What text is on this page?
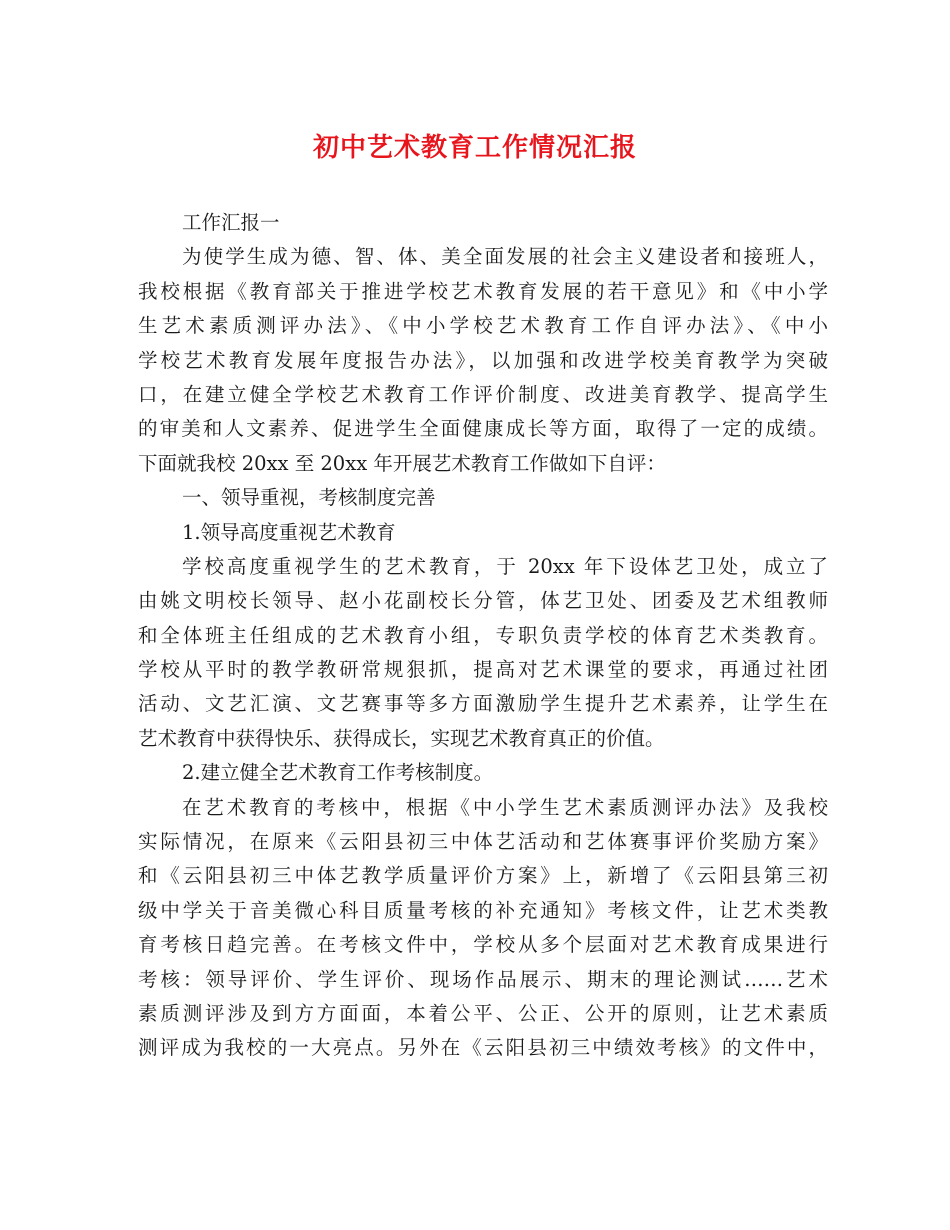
初中艺术教育工作情况汇报
工作汇报一
为使学生成为德、智、体、美全面发展的社会主义建设者和接班人，
我校根据《教育部关于推进学校艺术教育发展的若干意见》和《中小学
生艺术素质测评办法》、《中小学校艺术教育工作自评办法》、《中小
学校艺术教育发展年度报告办法》，以加强和改进学校美育教学为突破
口，在建立健全学校艺术教育工作评价制度、改进美育教学、提高学生
的审美和人文素养、促进学生全面健康成长等方面，取得了一定的成绩。
下面就我校 20xx 至 20xx 年开展艺术教育工作做如下自评：
一、领导重视，考核制度完善
1.领导高度重视艺术教育
学校高度重视学生的艺术教育，于 20xx 年下设体艺卫处，成立了
由姚文明校长领导、赵小花副校长分管，体艺卫处、团委及艺术组教师
和全体班主任组成的艺术教育小组，专职负责学校的体育艺术类教育。
学校从平时的教学教研常规狠抓，提高对艺术课堂的要求，再通过社团
活动、文艺汇演、文艺赛事等多方面激励学生提升艺术素养，让学生在
艺术教育中获得快乐、获得成长，实现艺术教育真正的价值。
2.建立健全艺术教育工作考核制度。
在艺术教育的考核中，根据《中小学生艺术素质测评办法》及我校
实际情况，在原来《云阳县初三中体艺活动和艺体赛事评价奖励方案》
和《云阳县初三中体艺教学质量评价方案》上，新增了《云阳县第三初
级中学关于音美微心科目质量考核的补充通知》考核文件，让艺术类教
育考核日趋完善。在考核文件中，学校从多个层面对艺术教育成果进行
考核：领导评价、学生评价、现场作品展示、期末的理论测试……艺术
素质测评涉及到方方面面，本着公平、公正、公开的原则，让艺术素质
测评成为我校的一大亮点。另外在《云阳县初三中绩效考核》的文件中，
